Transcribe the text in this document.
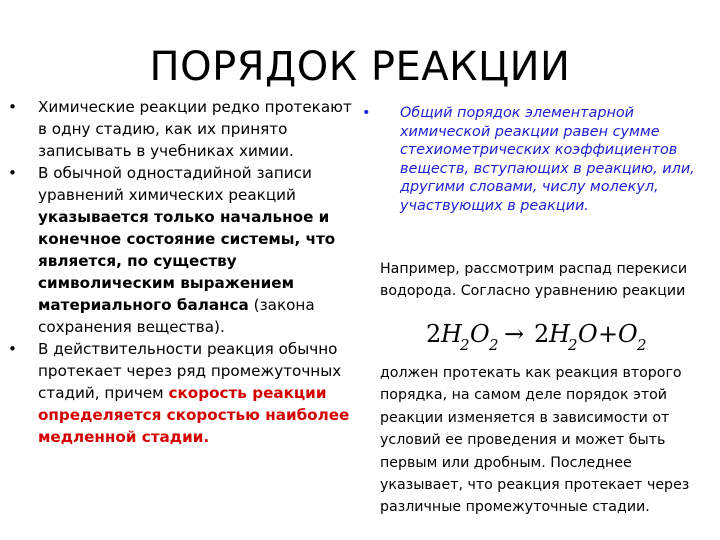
ПОРЯДОК РЕАКЦИИ
• Химические реакции редко протекают в одну стадию, как их принято записывать в учебниках химии.
• В обычной одностадийной записи уравнений химических реакций указывается только начальное и конечное состояние системы, что является, по существу символическим выражением материального баланса (закона сохранения вещества).
• В действительности реакция обычно протекает через ряд промежуточных стадий, причем скорость реакции определяется скоростью наиболее медленной стадии.
•	Общий порядок элементарной химической реакции равен сумме стехиометрических коэффициентов веществ, вступающих в реакцию, или, другими словами, числу молекул, участвующих в реакции.
Например, рассмотрим распад перекиси водорода. Согласно уравнению реакции
2 H
2 O 2 → 2 H
2 O + O 2
должен протекать как реакция второго порядка, на самом деле порядок этой реакции изменяется в зависимости от условий ее проведения и может быть первым или дробным. Последнее указывает, что реакция протекает через различные промежуточные стадии.
